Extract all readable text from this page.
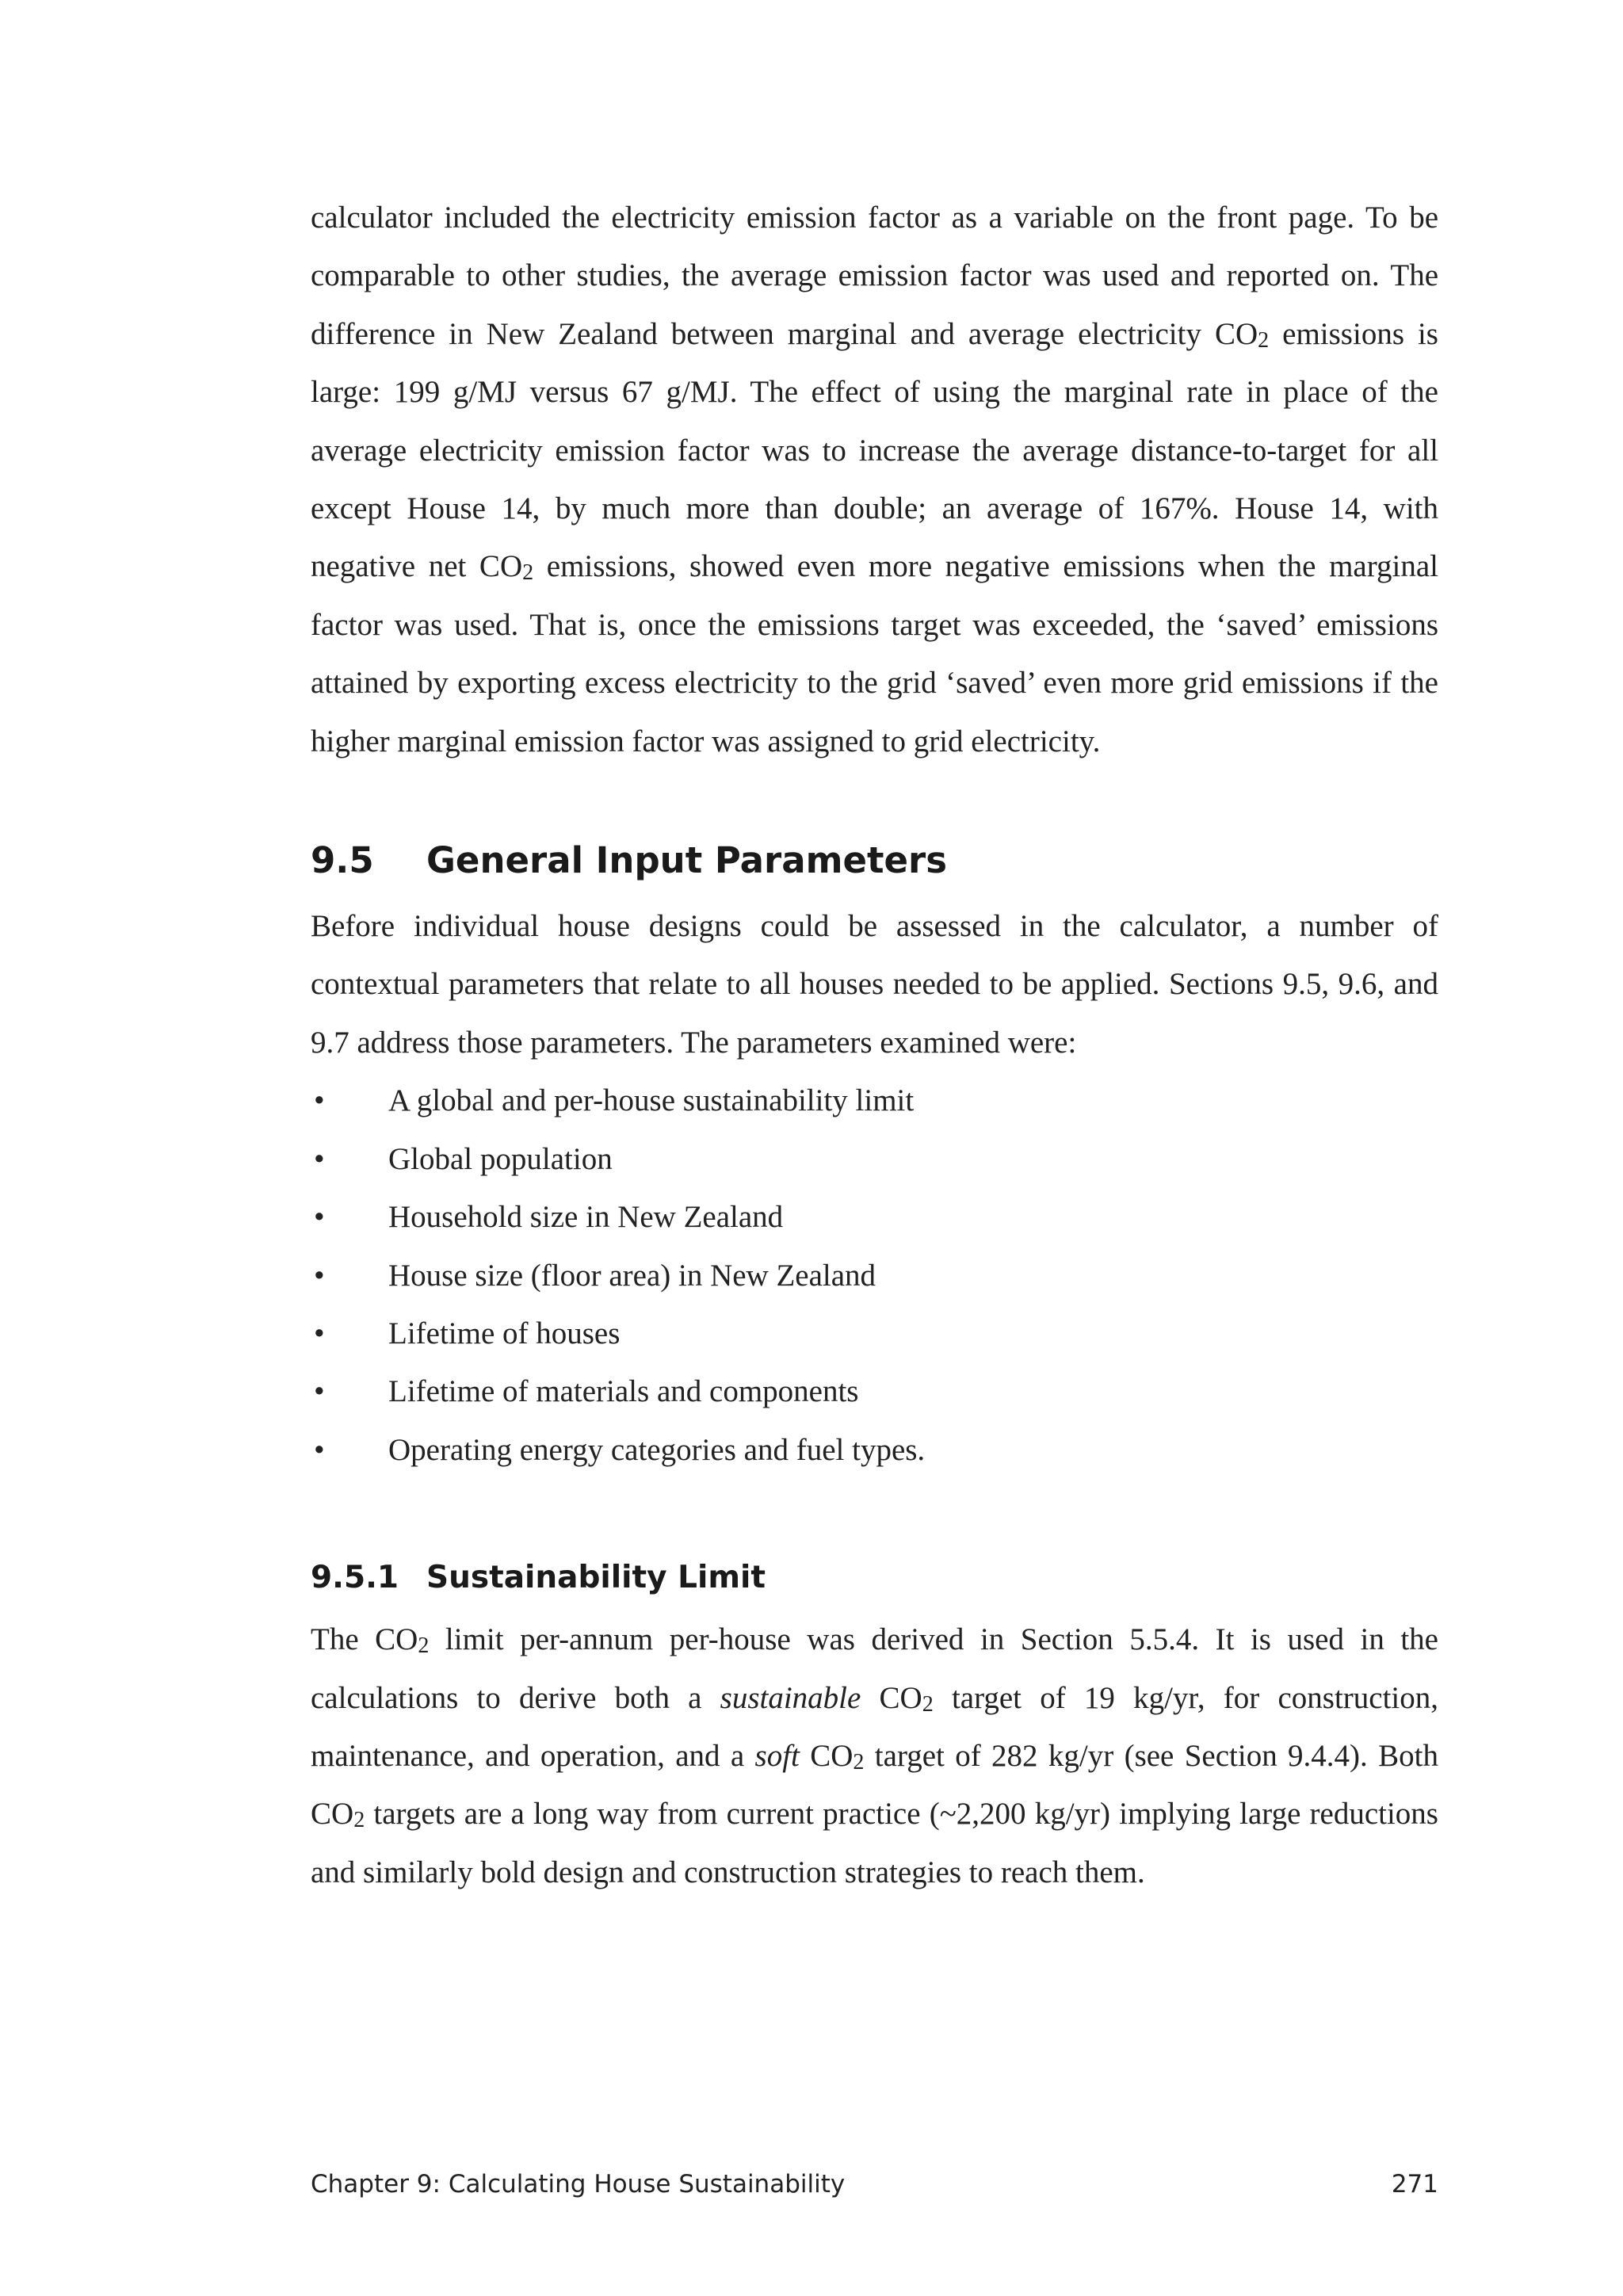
calculator included the electricity emission factor as a variable on the front page. To be comparable to other studies, the average emission factor was used and reported on. The difference in New Zealand between marginal and average electricity $CO_2$ emissions is large: 199 g/MJ versus 67 g/MJ. The effect of using the marginal rate in place of the average electricity emission factor was to increase the average distance-to-target for all except House 14, by much more than double; an average of 167%. House 14, with negative net $CO_2$ emissions, showed even more negative emissions when the marginal factor was used. That is, once the emissions target was exceeded, the ‘saved’ emissions attained by exporting excess electricity to the grid ‘saved’ even more grid emissions if the higher marginal emission factor was assigned to grid electricity.

9.5	General Input Parameters

Before individual house designs could be assessed in the calculator, a number of contextual parameters that relate to all houses needed to be applied. Sections 9.5, 9.6, and 9.7 address those parameters. The parameters examined were:

• A global and per-house sustainability limit
• Global population
• Household size in New Zealand
• House size (floor area) in New Zealand
• Lifetime of houses
• Lifetime of materials and components
• Operating energy categories and fuel types.
9.5.1 Sustainability Limit

The $CO_2$ limit per-annum per-house was derived in Section 5.5.4. It is used in the calculations to derive both a sustainable $CO_2$ target of 19 kg/yr, for construction, maintenance, and operation, and a soft $CO_2$ target of 282 kg/yr (see Section 9.4.4). Both $CO_2$ targets are a long way from current practice (~2,200 kg/yr) implying large reductions and similarly bold design and construction strategies to reach them.

Chapter 9: Calculating House Sustainability	271
